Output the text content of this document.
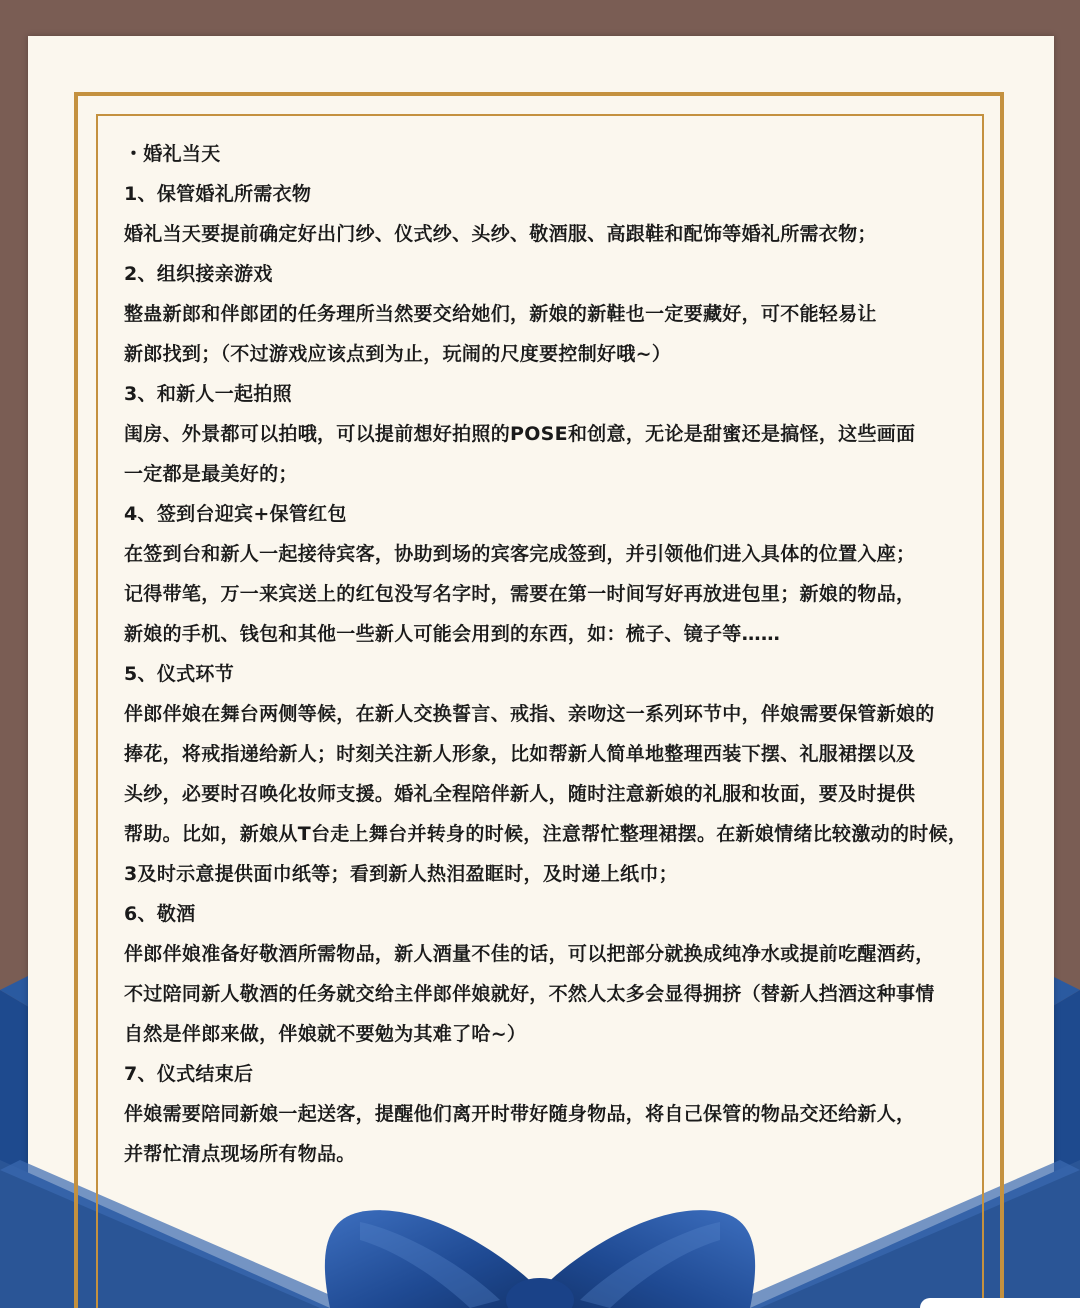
・婚礼当天
1、保管婚礼所需衣物
婚礼当天要提前确定好出门纱、仪式纱、头纱、敬酒服、高跟鞋和配饰等婚礼所需衣物；
2、组织接亲游戏
整蛊新郎和伴郎团的任务理所当然要交给她们，新娘的新鞋也一定要藏好，可不能轻易让
新郎找到；（不过游戏应该点到为止，玩闹的尺度要控制好哦~）
3、和新人一起拍照
闺房、外景都可以拍哦，可以提前想好拍照的POSE和创意，无论是甜蜜还是搞怪，这些画面
一定都是最美好的；
4、签到台迎宾+保管红包
在签到台和新人一起接待宾客，协助到场的宾客完成签到，并引领他们进入具体的位置入座；
记得带笔，万一来宾送上的红包没写名字时，需要在第一时间写好再放进包里；新娘的物品，
新娘的手机、钱包和其他一些新人可能会用到的东西，如：梳子、镜子等……
5、仪式环节
伴郎伴娘在舞台两侧等候，在新人交换誓言、戒指、亲吻这一系列环节中，伴娘需要保管新娘的
捧花，将戒指递给新人；时刻关注新人形象，比如帮新人简单地整理西装下摆、礼服裙摆以及
头纱，必要时召唤化妆师支援。婚礼全程陪伴新人，随时注意新娘的礼服和妆面，要及时提供
帮助。比如，新娘从T台走上舞台并转身的时候，注意帮忙整理裙摆。在新娘情绪比较激动的时候，
3及时示意提供面巾纸等；看到新人热泪盈眶时，及时递上纸巾；
6、敬酒
伴郎伴娘准备好敬酒所需物品，新人酒量不佳的话，可以把部分就换成纯净水或提前吃醒酒药，
不过陪同新人敬酒的任务就交给主伴郎伴娘就好，不然人太多会显得拥挤（替新人挡酒这种事情
自然是伴郎来做，伴娘就不要勉为其难了哈~）
7、仪式结束后
伴娘需要陪同新娘一起送客，提醒他们离开时带好随身物品，将自己保管的物品交还给新人，
并帮忙清点现场所有物品。
